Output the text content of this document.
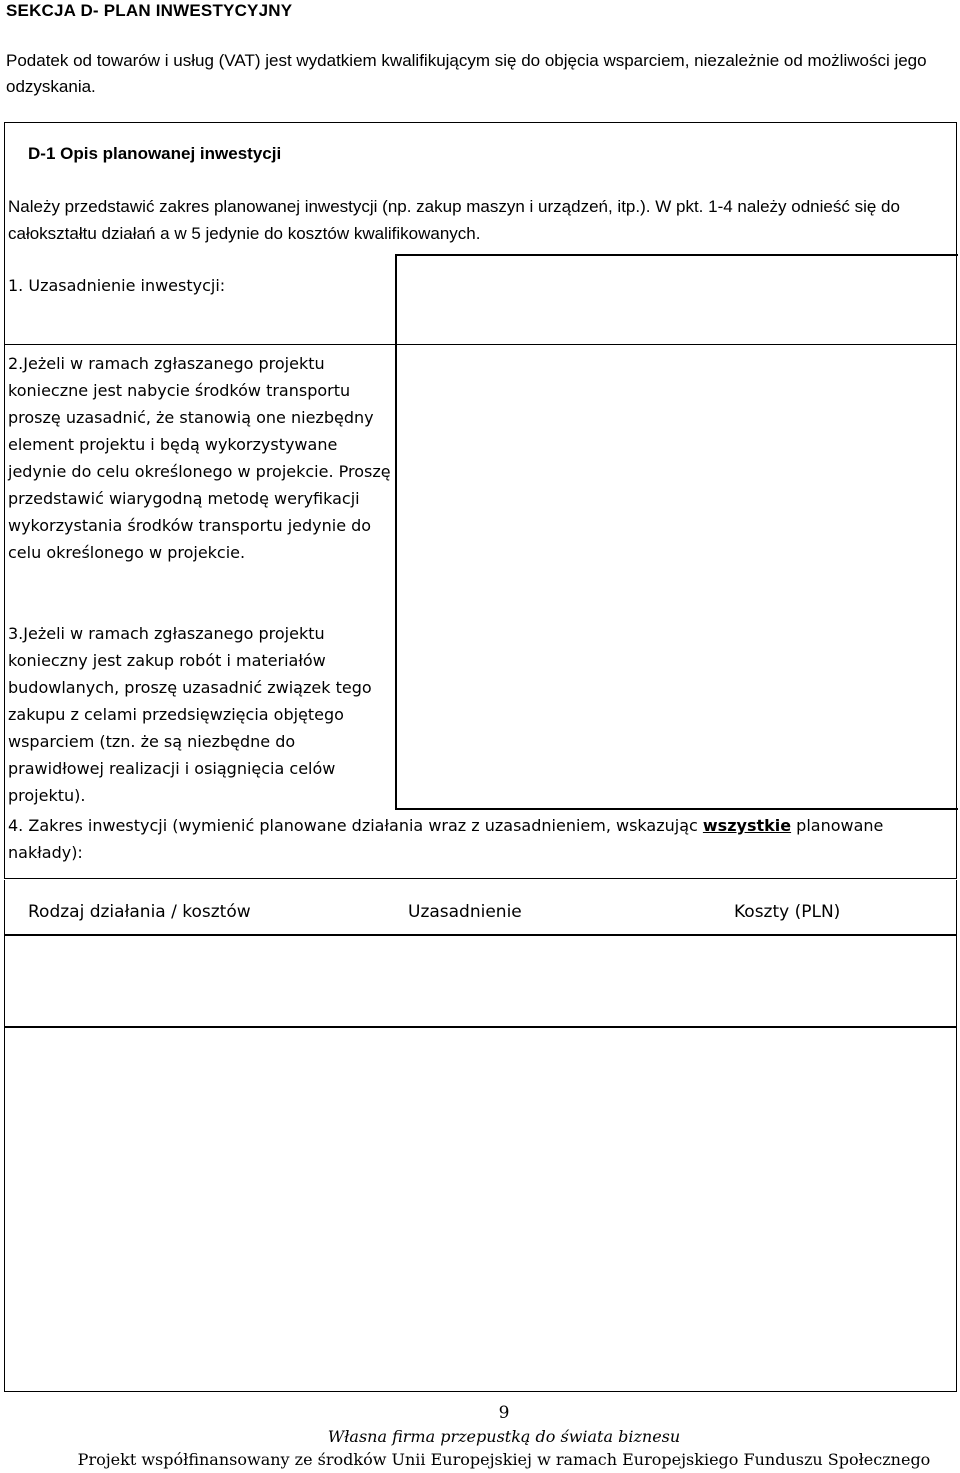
SEKCJA D- PLAN INWESTYCYJNY
Podatek od towarów i usług (VAT) jest wydatkiem kwalifikującym się do objęcia wsparciem, niezależnie od możliwości jego odzyskania.
D-1 Opis planowanej inwestycji
Należy przedstawić zakres planowanej inwestycji (np. zakup maszyn i urządzeń, itp.). W pkt. 1-4 należy odnieść się do całokształtu działań a w 5 jedynie do kosztów kwalifikowanych.
1. Uzasadnienie inwestycji:
2.Jeżeli w ramach zgłaszanego projektu konieczne jest nabycie środków transportu proszę uzasadnić, że stanowią one niezbędny element projektu i będą wykorzystywane jedynie do celu określonego w projekcie. Proszę przedstawić wiarygodną metodę weryfikacji wykorzystania środków transportu jedynie do celu określonego w projekcie.
3.Jeżeli w ramach zgłaszanego projektu konieczny jest zakup robót i materiałów budowlanych, proszę uzasadnić związek tego zakupu z celami przedsięwzięcia objętego wsparciem (tzn. że są niezbędne do prawidłowej realizacji i osiągnięcia celów projektu).
4. Zakres inwestycji (wymienić planowane działania wraz z uzasadnieniem, wskazując wszystkie planowane nakłady):
Rodzaj działania / kosztów	Uzasadnienie	Koszty (PLN)
9
Własna firma przepustką do świata biznesu
Projekt współfinansowany ze środków Unii Europejskiej w ramach Europejskiego Funduszu Społecznego
